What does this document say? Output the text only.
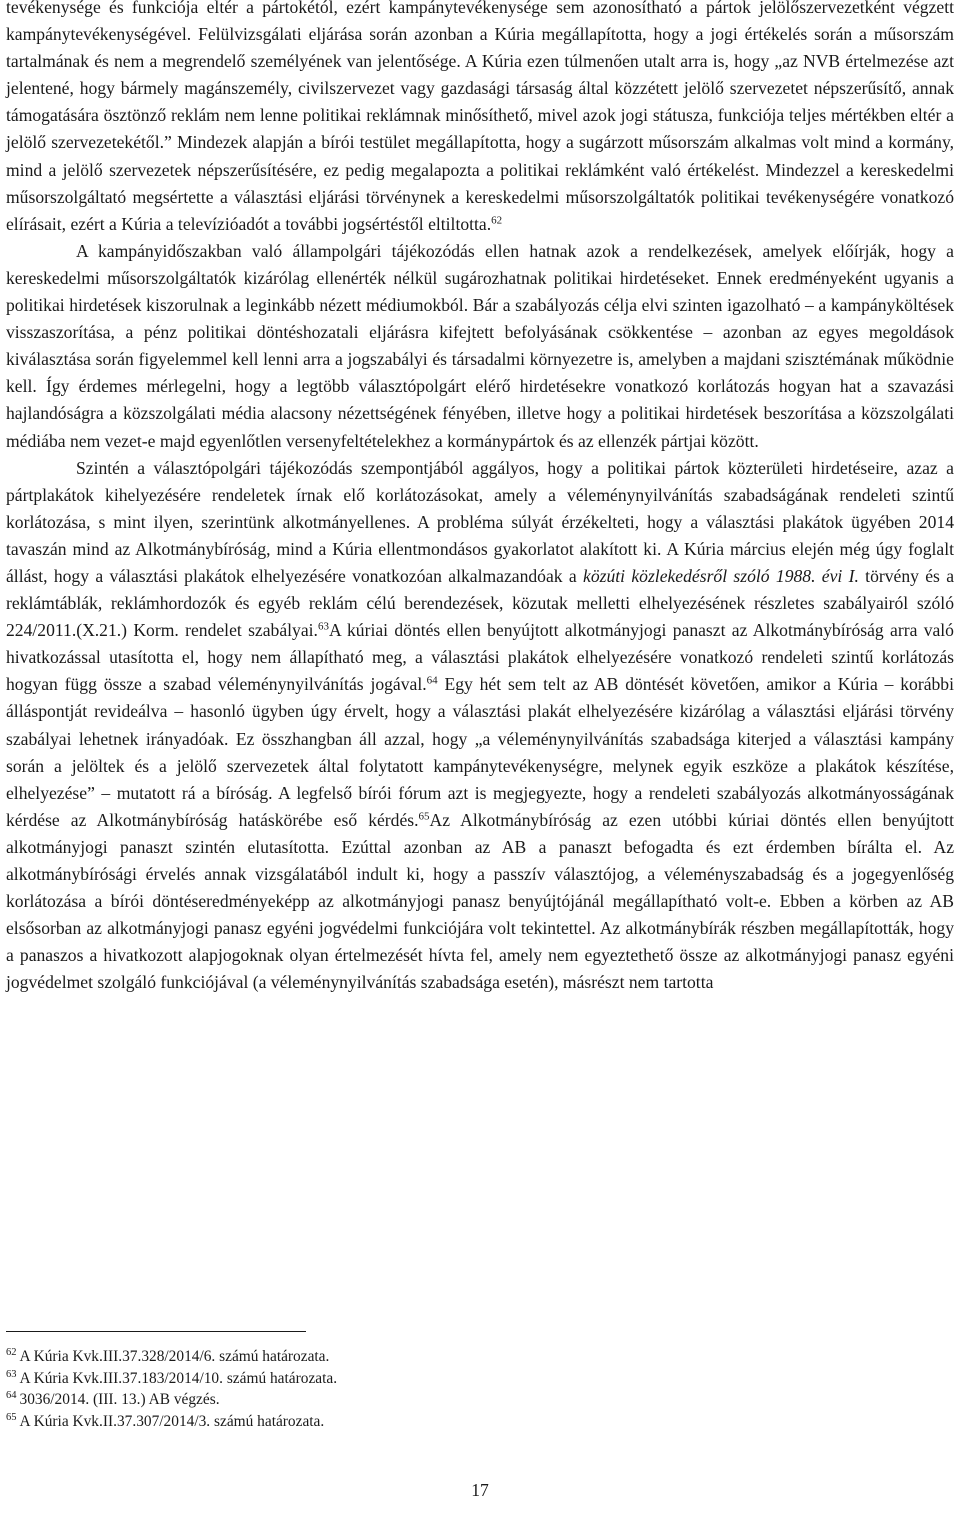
tevékenysége és funkciója eltér a pártokétól, ezért kampánytevékenysége sem azonosítható a pártok jelölőszervezetként végzett kampánytevékenységével. Felülvizsgálati eljárása során azonban a Kúria megállapította, hogy a jogi értékelés során a műsorszám tartalmának és nem a megrendelő személyének van jelentősége. A Kúria ezen túlmenően utalt arra is, hogy „az NVB értelmezése azt jelentené, hogy bármely magánszemély, civilszervezet vagy gazdasági társaság által közzétett jelölő szervezetet népszerűsítő, annak támogatására ösztönző reklám nem lenne politikai reklámnak minősíthető, mivel azok jogi státusza, funkciója teljes mértékben eltér a jelölő szervezetekétől.” Mindezek alapján a bírói testület megállapította, hogy a sugárzott műsorszám alkalmas volt mind a kormány, mind a jelölő szervezetek népszerűsítésére, ez pedig megalapozta a politikai reklámként való értékelést. Mindezzel a kereskedelmi műsorszolgáltató megsértette a választási eljárási törvénynek a kereskedelmi műsorszolgáltatók politikai tevékenységére vonatkozó elírásait, ezért a Kúria a televízióadót a további jogsértéstől eltiltotta.$^{62}$

A kampányidőszakban való állampolgári tájékozódás ellen hatnak azok a rendelkezések, amelyek előírják, hogy a kereskedelmi műsorszolgáltatók kizárólag ellenérték nélkül sugározhatnak politikai hirdetéseket. Ennek eredményeként ugyanis a politikai hirdetések kiszorulnak a leginkább nézett médiumokból. Bár a szabályozás célja elvi szinten igazolható – a kampányköltések visszaszorítása, a pénz politikai döntéshozatali eljárásra kifejtett befolyásának csökkentése – azonban az egyes megoldások kiválasztása során figyelemmel kell lenni arra a jogszabályi és társadalmi környezetre is, amelyben a majdani szisztémának működnie kell. Így érdemes mérlegelni, hogy a legtöbb választópolgárt elérő hirdetésekre vonatkozó korlátozás hogyan hat a szavazási hajlandóságra a közszolgálati média alacsony nézettségének fényében, illetve hogy a politikai hirdetések beszorítása a közszolgálati médiába nem vezet-e majd egyenlőtlen versenyfeltételekhez a kormánypártok és az ellenzék pártjai között.

Szintén a választópolgári tájékozódás szempontjából aggályos, hogy a politikai pártok közterületi hirdetéseire, azaz a pártplakátok kihelyezésére rendeletek írnak elő korlátozásokat, amely a véleménynyilvánítás szabadságának rendeleti szintű korlátozása, s mint ilyen, szerintünk alkotmányellenes. A probléma súlyát érzékelteti, hogy a választási plakátok ügyében 2014 tavaszán mind az Alkotmánybíróság, mind a Kúria ellentmondásos gyakorlatot alakított ki. A Kúria március elején még úgy foglalt állást, hogy a választási plakátok elhelyezésére vonatkozóan alkalmazandóak a közúti közlekedésről szóló 1988. évi I. törvény és a reklámtáblák, reklámhordozók és egyéb reklám célú berendezések, közutak melletti elhelyezésének részletes szabályairól szóló 224/2011.(X.21.) Korm. rendelet szabályai.$^{63}$A kúriai döntés ellen benyújtott alkotmányjogi panaszt az Alkotmánybíróság arra való hivatkozással utasította el, hogy nem állapítható meg, a választási plakátok elhelyezésére vonatkozó rendeleti szintű korlátozás hogyan függ össze a szabad véleménynyilvánítás jogával.$^{64}$ Egy hét sem telt az AB döntését követően, amikor a Kúria – korábbi álláspontját revideálva – hasonló ügyben úgy érvelt, hogy a választási plakát elhelyezésére kizárólag a választási eljárási törvény szabályai lehetnek irányadóak. Ez összhangban áll azzal, hogy „a véleménynyilvánítás szabadsága kiterjed a választási kampány során a jelöltek és a jelölő szervezetek által folytatott kampánytevékenységre, melynek egyik eszköze a plakátok készítése, elhelyezése” – mutatott rá a bíróság. A legfelső bírói fórum azt is megjegyezte, hogy a rendeleti szabályozás alkotmányosságának kérdése az Alkotmánybíróság hatáskörébe eső kérdés.$^{65}$Az Alkotmánybíróság az ezen utóbbi kúriai döntés ellen benyújtott alkotmányjogi panaszt szintén elutasította. Ezúttal azonban az AB a panaszt befogadta és ezt érdemben bírálta el. Az alkotmánybírósági érvelés annak vizsgálatából indult ki, hogy a passzív választójog, a véleményszabadság és a jogegyenlőség korlátozása a bírói döntéseredményeképp az alkotmányjogi panasz benyújtójánál megállapítható volt-e. Ebben a körben az AB elsősorban az alkotmányjogi panasz egyéni jogvédelmi funkciójára volt tekintettel. Az alkotmánybírák részben megállapították, hogy a panaszos a hivatkozott alapjogoknak olyan értelmezését hívta fel, amely nem egyeztethető össze az alkotmányjogi panasz egyéni jogvédelmet szolgáló funkciójával (a véleménynyilvánítás szabadsága esetén), másrészt nem tartotta

$^{62}$ A Kúria Kvk.III.37.328/2014/6. számú határozata.
$^{63}$ A Kúria Kvk.III.37.183/2014/10. számú határozata.
$^{64}$ 3036/2014. (III. 13.) AB végzés.
$^{65}$ A Kúria Kvk.II.37.307/2014/3. számú határozata.
17
